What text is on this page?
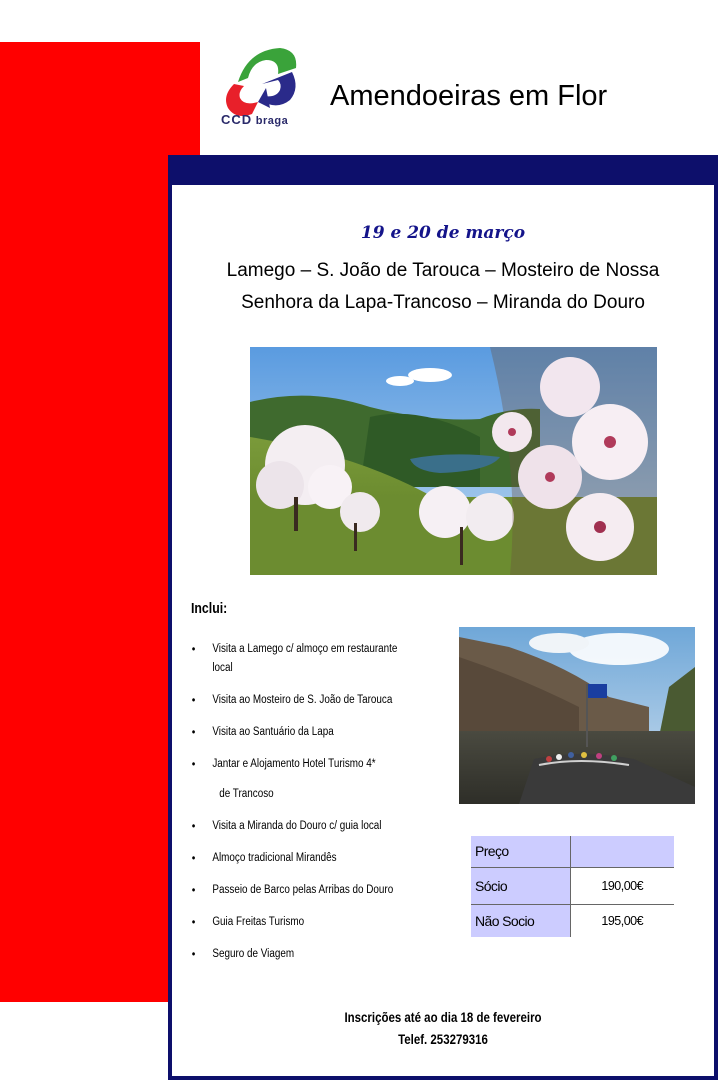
CCD braga
Amendoeiras em Flor
19 e 20 de março
Lamego – S. João de Tarouca – Mosteiro de Nossa
Senhora da Lapa-Trancoso – Miranda do Douro
Inclui:
• Visita a Lamego c/ almoço em restaurante
local
• Visita ao Mosteiro de S. João de Tarouca
• Visita ao Santuário da Lapa
• Jantar e Alojamento Hotel Turismo 4*
de Trancoso
• Visita a Miranda do Douro c/ guia local
• Almoço tradicional Mirandês
• Passeio de Barco pelas Arribas do Douro
• Guia Freitas Turismo
• Seguro de Viagem
Preço	
Sócio	190,00€
Não Socio	195,00€
Inscrições até ao dia 18 de fevereiro
Telef. 253279316
